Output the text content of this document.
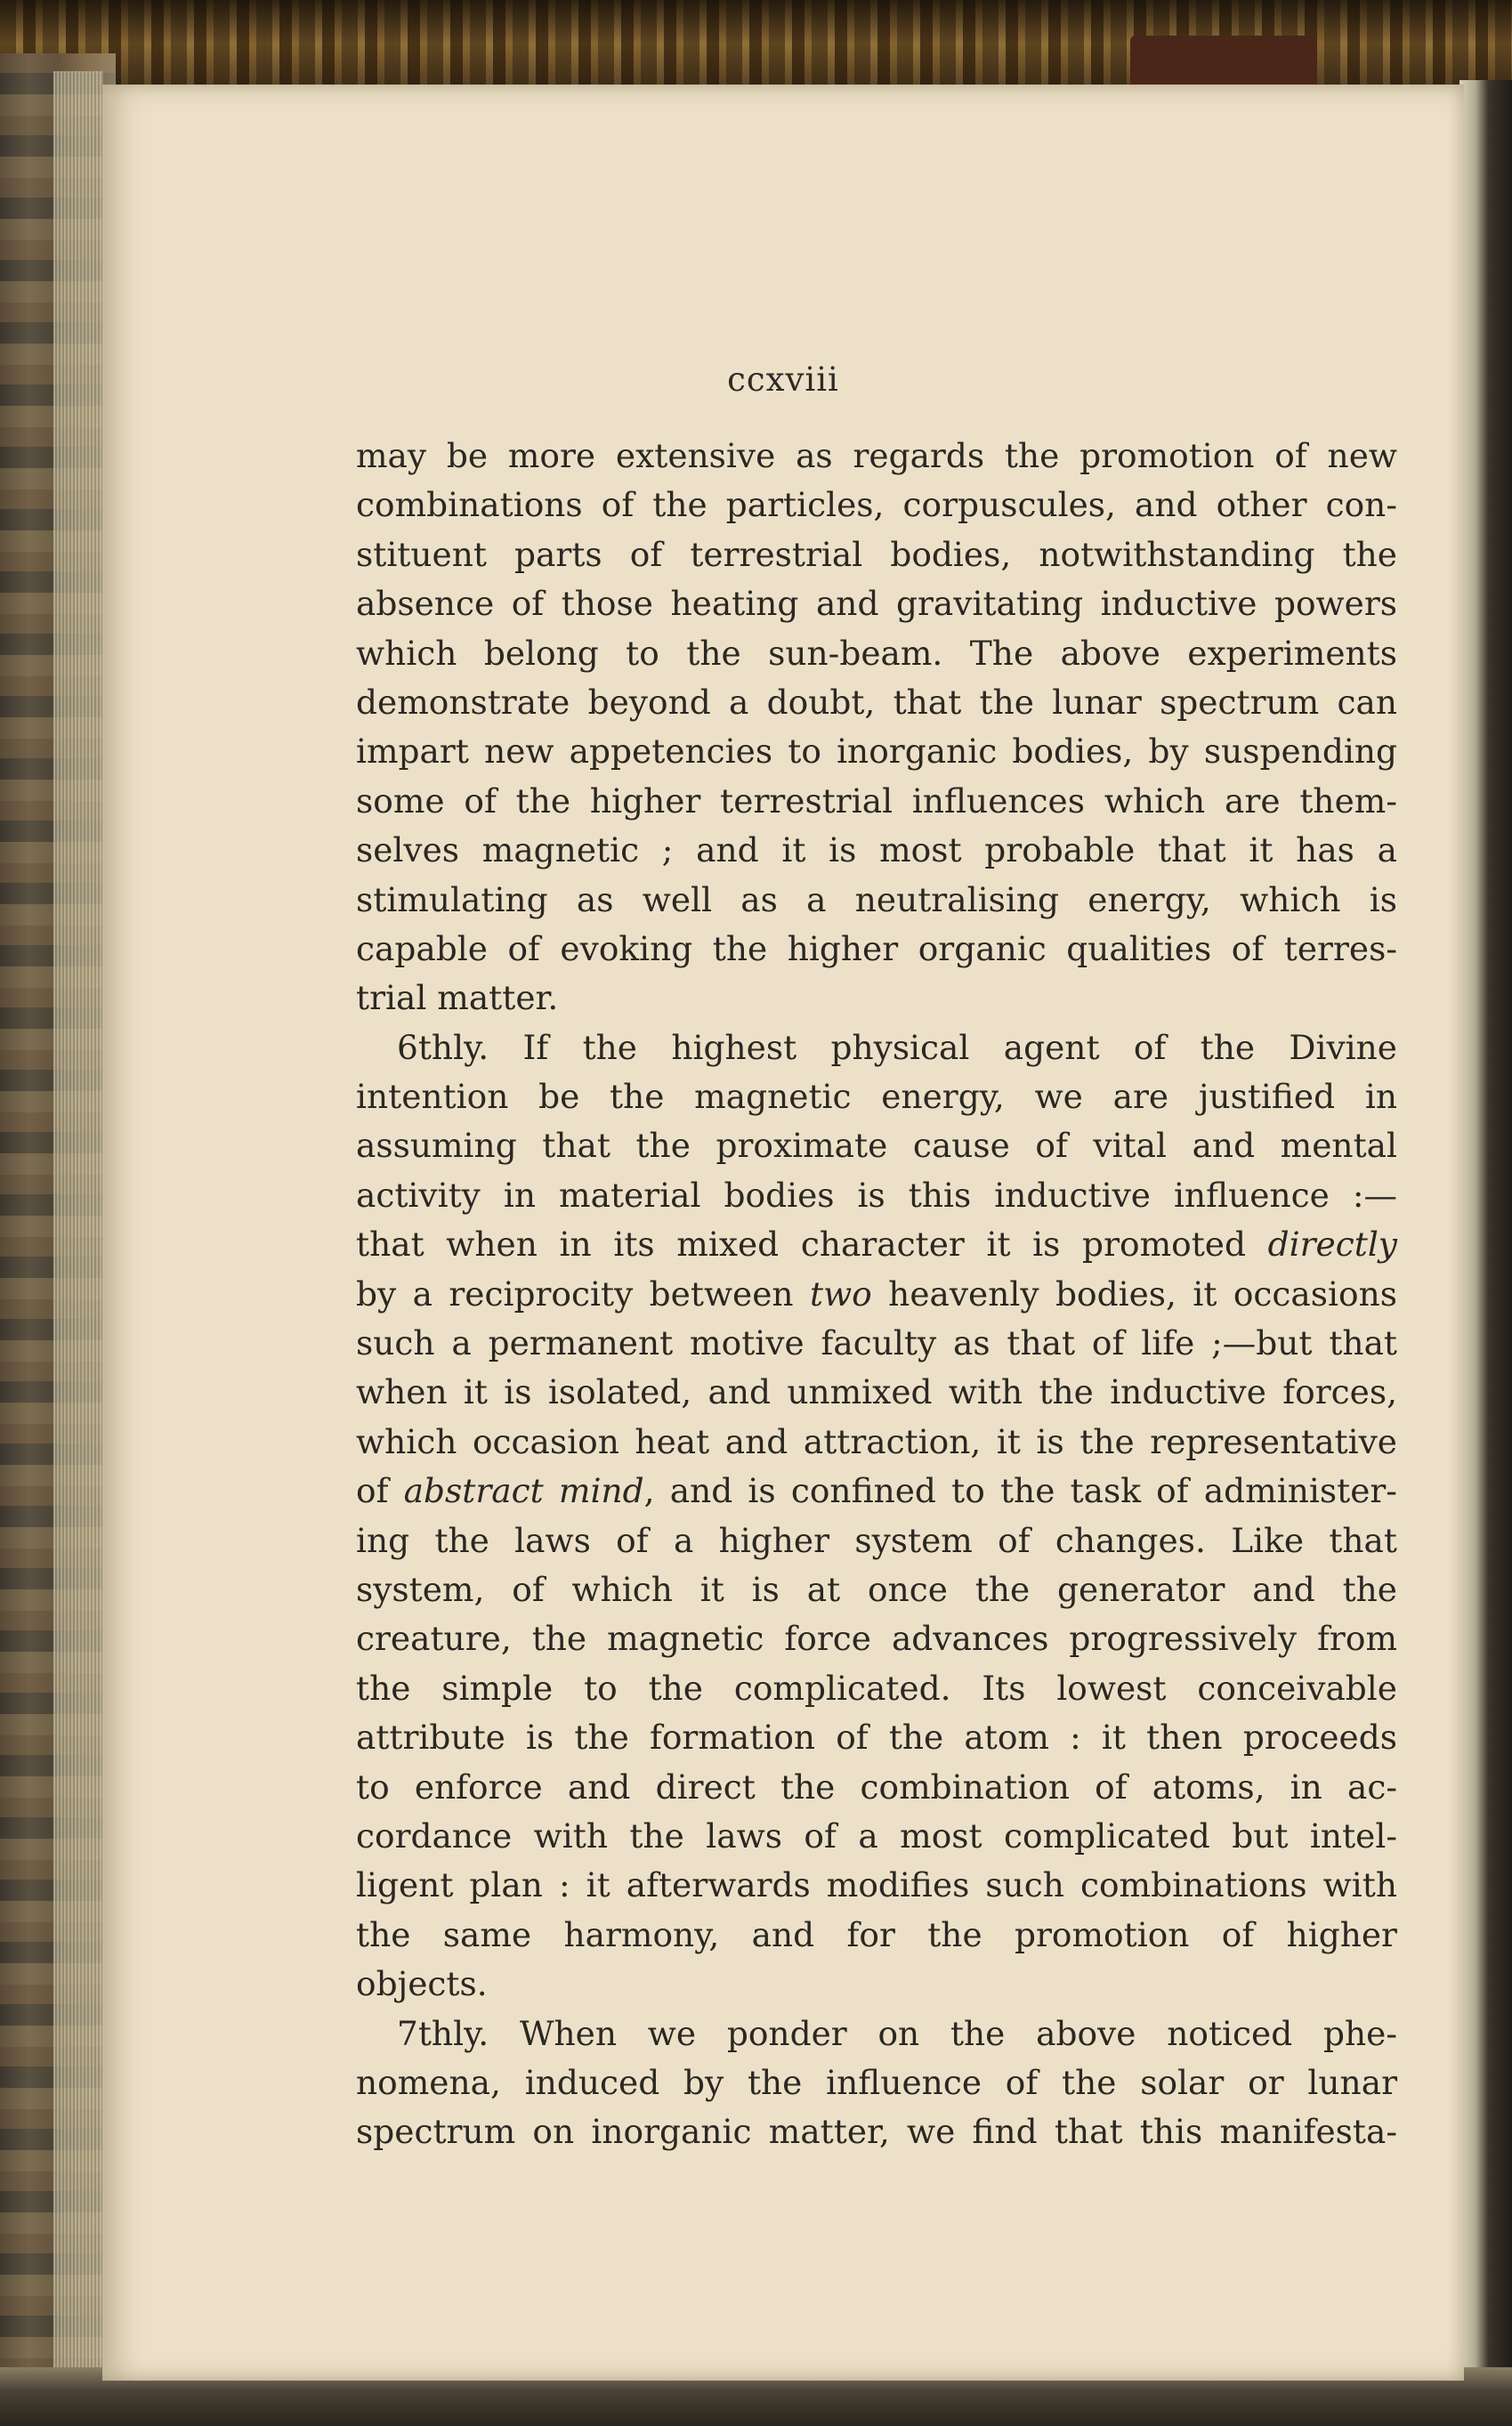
ccxviii
may be more extensive as regards the promotion of new
combinations of the particles, corpuscules, and other con-
stituent parts of terrestrial bodies, notwithstanding the
absence of those heating and gravitating inductive powers
which belong to the sun-beam. The above experiments
demonstrate beyond a doubt, that the lunar spectrum can
impart new appetencies to inorganic bodies, by suspending
some of the higher terrestrial influences which are them-
selves magnetic ; and it is most probable that it has a
stimulating as well as a neutralising energy, which is
capable of evoking the higher organic qualities of terres-
trial matter.
6thly. If the highest physical agent of the Divine
intention be the magnetic energy, we are justified in
assuming that the proximate cause of vital and mental
activity in material bodies is this inductive influence :—
that when in its mixed character it is promoted directly
by a reciprocity between two heavenly bodies, it occasions
such a permanent motive faculty as that of life ;—but that
when it is isolated, and unmixed with the inductive forces,
which occasion heat and attraction, it is the representative
of abstract mind, and is confined to the task of administer-
ing the laws of a higher system of changes. Like that
system, of which it is at once the generator and the
creature, the magnetic force advances progressively from
the simple to the complicated. Its lowest conceivable
attribute is the formation of the atom : it then proceeds
to enforce and direct the combination of atoms, in ac-
cordance with the laws of a most complicated but intel-
ligent plan : it afterwards modifies such combinations with
the same harmony, and for the promotion of higher
objects.
7thly. When we ponder on the above noticed phe-
nomena, induced by the influence of the solar or lunar
spectrum on inorganic matter, we find that this manifesta-
